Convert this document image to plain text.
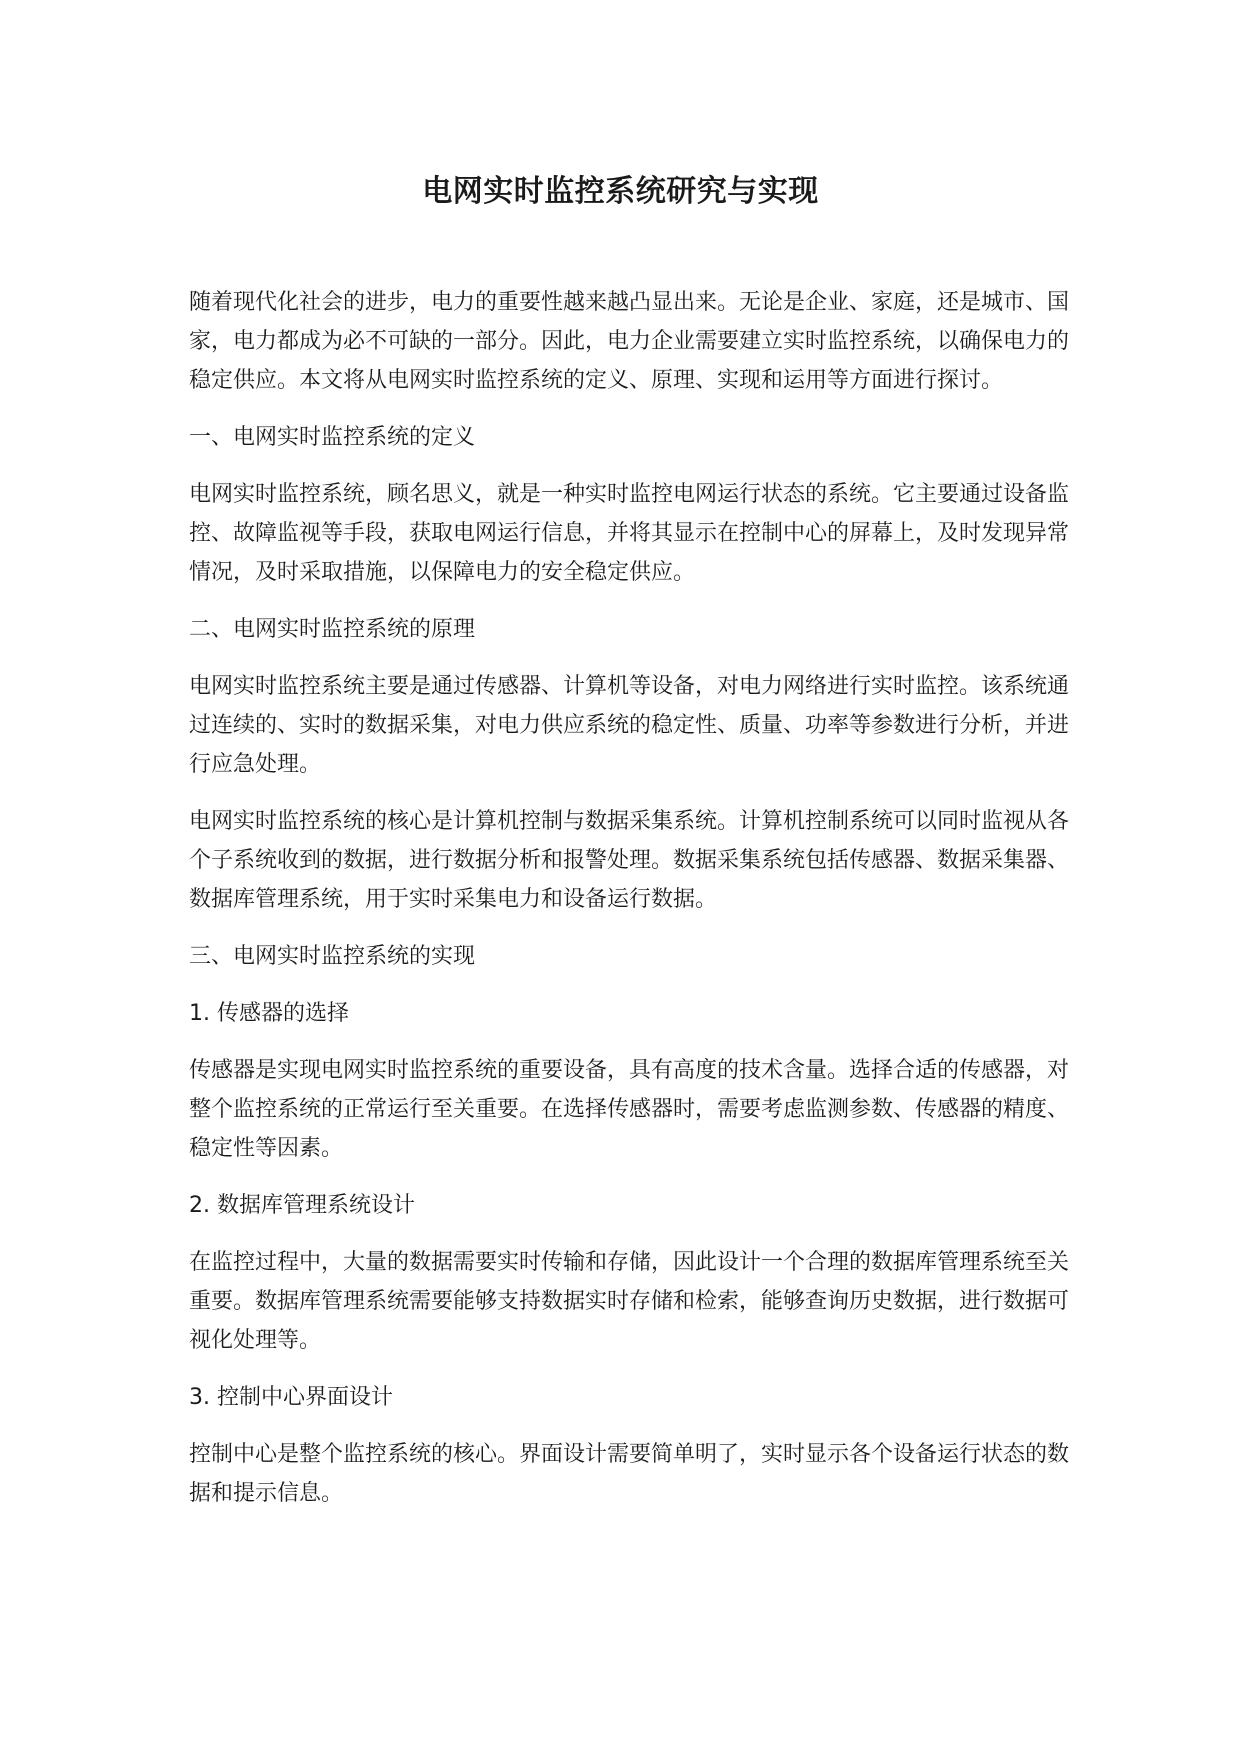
电网实时监控系统研究与实现

随着现代化社会的进步，电力的重要性越来越凸显出来。无论是企业、家庭，还是城市、国家，电力都成为必不可缺的一部分。因此，电力企业需要建立实时监控系统，以确保电力的稳定供应。本文将从电网实时监控系统的定义、原理、实现和运用等方面进行探讨。

一、电网实时监控系统的定义

电网实时监控系统，顾名思义，就是一种实时监控电网运行状态的系统。它主要通过设备监控、故障监视等手段，获取电网运行信息，并将其显示在控制中心的屏幕上，及时发现异常情况，及时采取措施，以保障电力的安全稳定供应。

二、电网实时监控系统的原理

电网实时监控系统主要是通过传感器、计算机等设备，对电力网络进行实时监控。该系统通过连续的、实时的数据采集，对电力供应系统的稳定性、质量、功率等参数进行分析，并进行应急处理。

电网实时监控系统的核心是计算机控制与数据采集系统。计算机控制系统可以同时监视从各个子系统收到的数据，进行数据分析和报警处理。数据采集系统包括传感器、数据采集器、数据库管理系统，用于实时采集电力和设备运行数据。

三、电网实时监控系统的实现

1. 传感器的选择

传感器是实现电网实时监控系统的重要设备，具有高度的技术含量。选择合适的传感器，对整个监控系统的正常运行至关重要。在选择传感器时，需要考虑监测参数、传感器的精度、稳定性等因素。

2. 数据库管理系统设计

在监控过程中，大量的数据需要实时传输和存储，因此设计一个合理的数据库管理系统至关重要。数据库管理系统需要能够支持数据实时存储和检索，能够查询历史数据，进行数据可视化处理等。

3. 控制中心界面设计

控制中心是整个监控系统的核心。界面设计需要简单明了，实时显示各个设备运行状态的数据和提示信息。
